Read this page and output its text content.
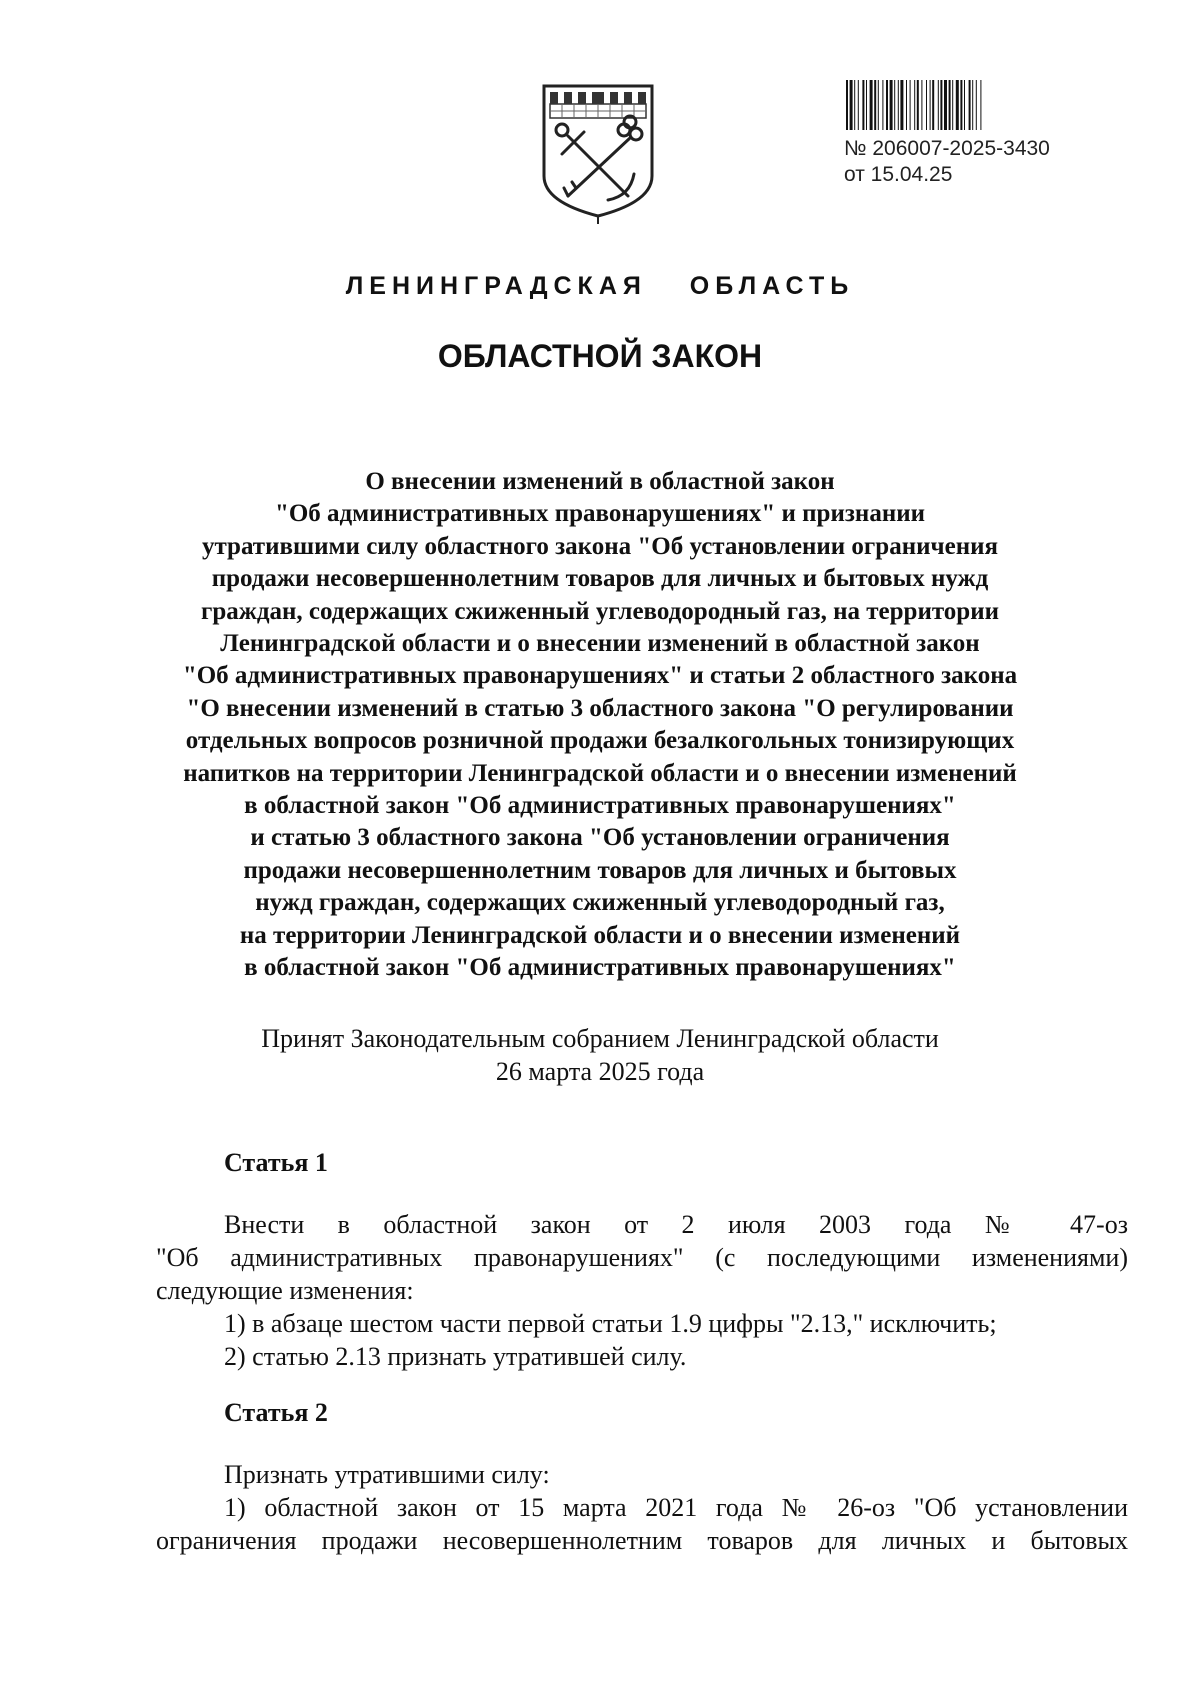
№ 206007-2025-3430
от 15.04.25
ЛЕНИНГРАДСКАЯ ОБЛАСТЬ
ОБЛАСТНОЙ ЗАКОН
О внесении изменений в областной закон
"Об административных правонарушениях" и признании
утратившими силу областного закона "Об установлении ограничения
продажи несовершеннолетним товаров для личных и бытовых нужд
граждан, содержащих сжиженный углеводородный газ, на территории
Ленинградской области и о внесении изменений в областной закон
"Об административных правонарушениях" и статьи 2 областного закона
"О внесении изменений в статью 3 областного закона "О регулировании
отдельных вопросов розничной продажи безалкогольных тонизирующих
напитков на территории Ленинградской области и о внесении изменений
в областной закон "Об административных правонарушениях"
и статью 3 областного закона "Об установлении ограничения
продажи несовершеннолетним товаров для личных и бытовых
нужд граждан, содержащих сжиженный углеводородный газ,
на территории Ленинградской области и о внесении изменений
в областной закон "Об административных правонарушениях"
Принят Законодательным собранием Ленинградской области
26 марта 2025 года
Статья 1
Внести в областной закон от 2 июля 2003 года № 47-оз
"Об административных правонарушениях" (с последующими изменениями)
следующие изменения:
1) в абзаце шестом части первой статьи 1.9 цифры "2.13," исключить;
2) статью 2.13 признать утратившей силу.
Статья 2
Признать утратившими силу:
1) областной закон от 15 марта 2021 года № 26-оз "Об установлении
ограничения продажи несовершеннолетним товаров для личных и бытовых
